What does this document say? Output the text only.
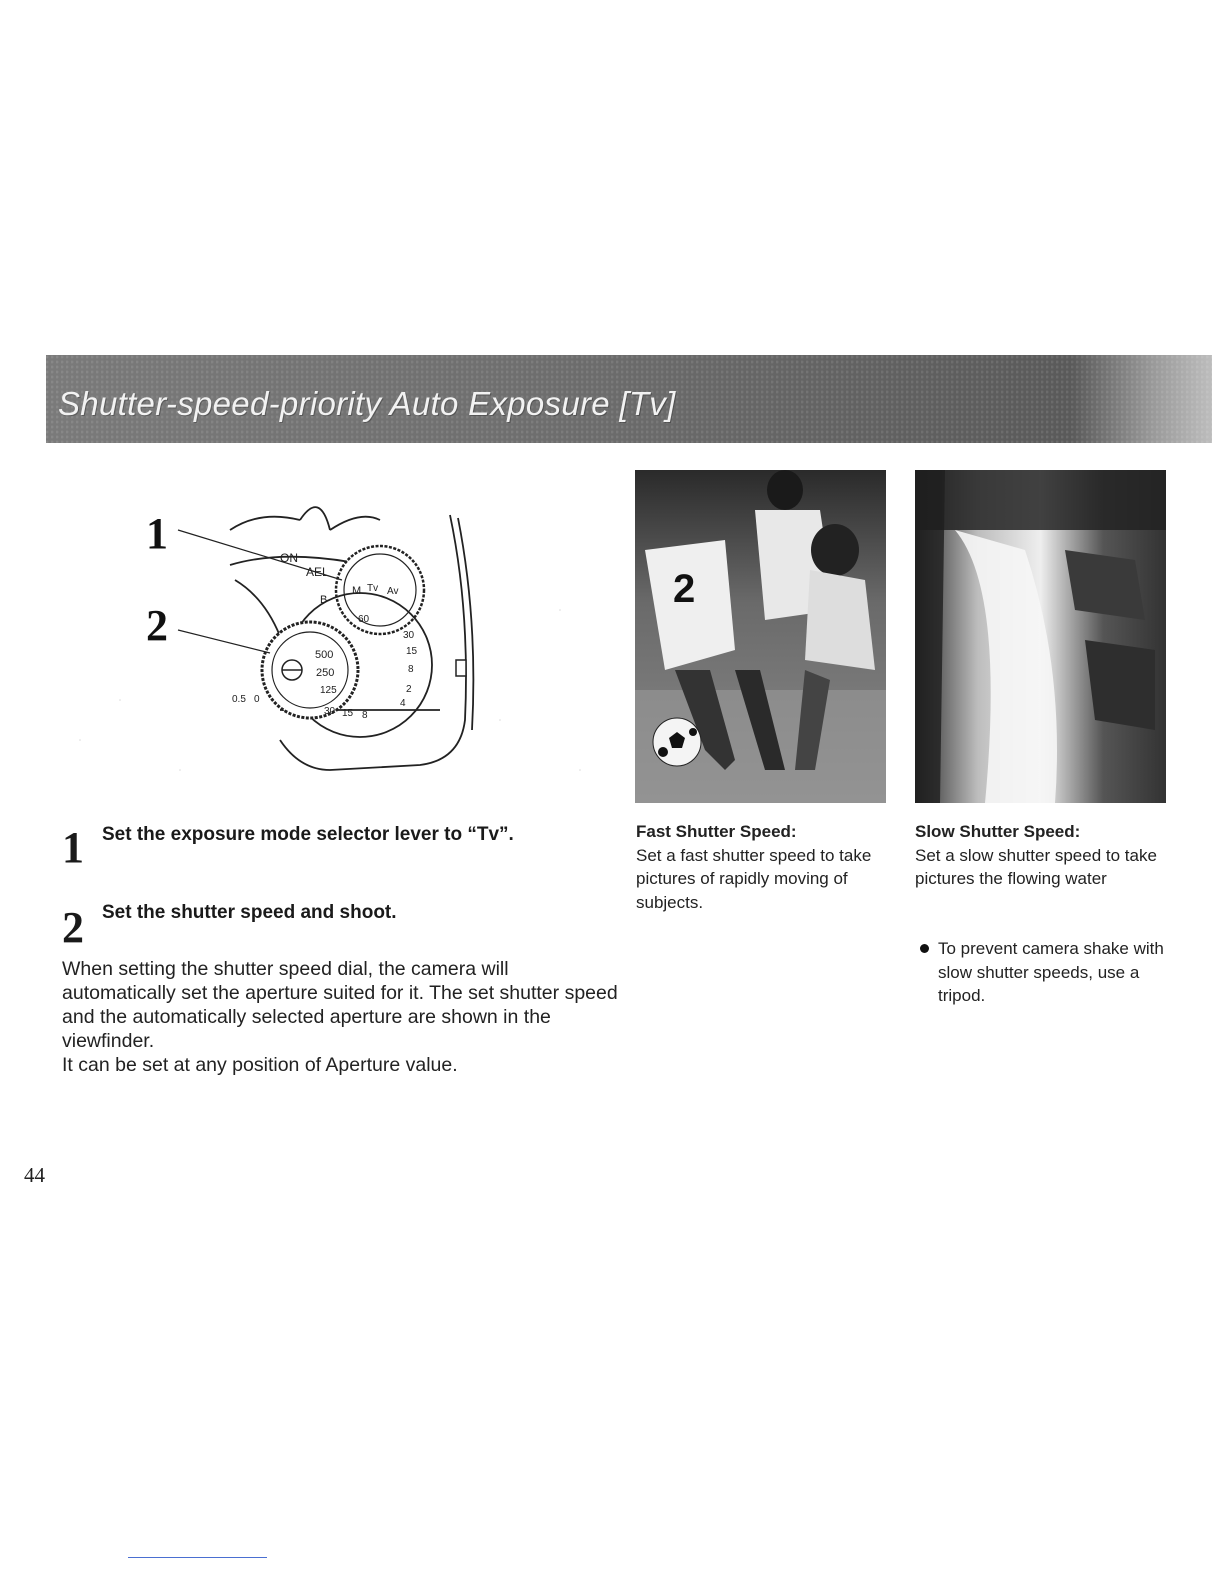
Shutter-speed-priority Auto Exposure [Tv]
1
2
ON
AEL
B
M Tv Av
500
250
125
0.5 0
60
30
15
8
4
2
8
15
30
1 Set the exposure mode selector lever to “Tv”.
2 Set the shutter speed and shoot.

When setting the shutter speed dial, the camera will automatically set the aperture suited for it. The set shutter speed and the automatically selected aperture are shown in the viewfinder.

It can be set at any position of Aperture value.

2
Fast Shutter Speed:
Set a fast shutter speed to take pictures of rapidly moving of subjects.
Slow Shutter Speed:
Set a slow shutter speed to take pictures the flowing water
To prevent camera shake with slow shutter speeds, use a tripod.
44
